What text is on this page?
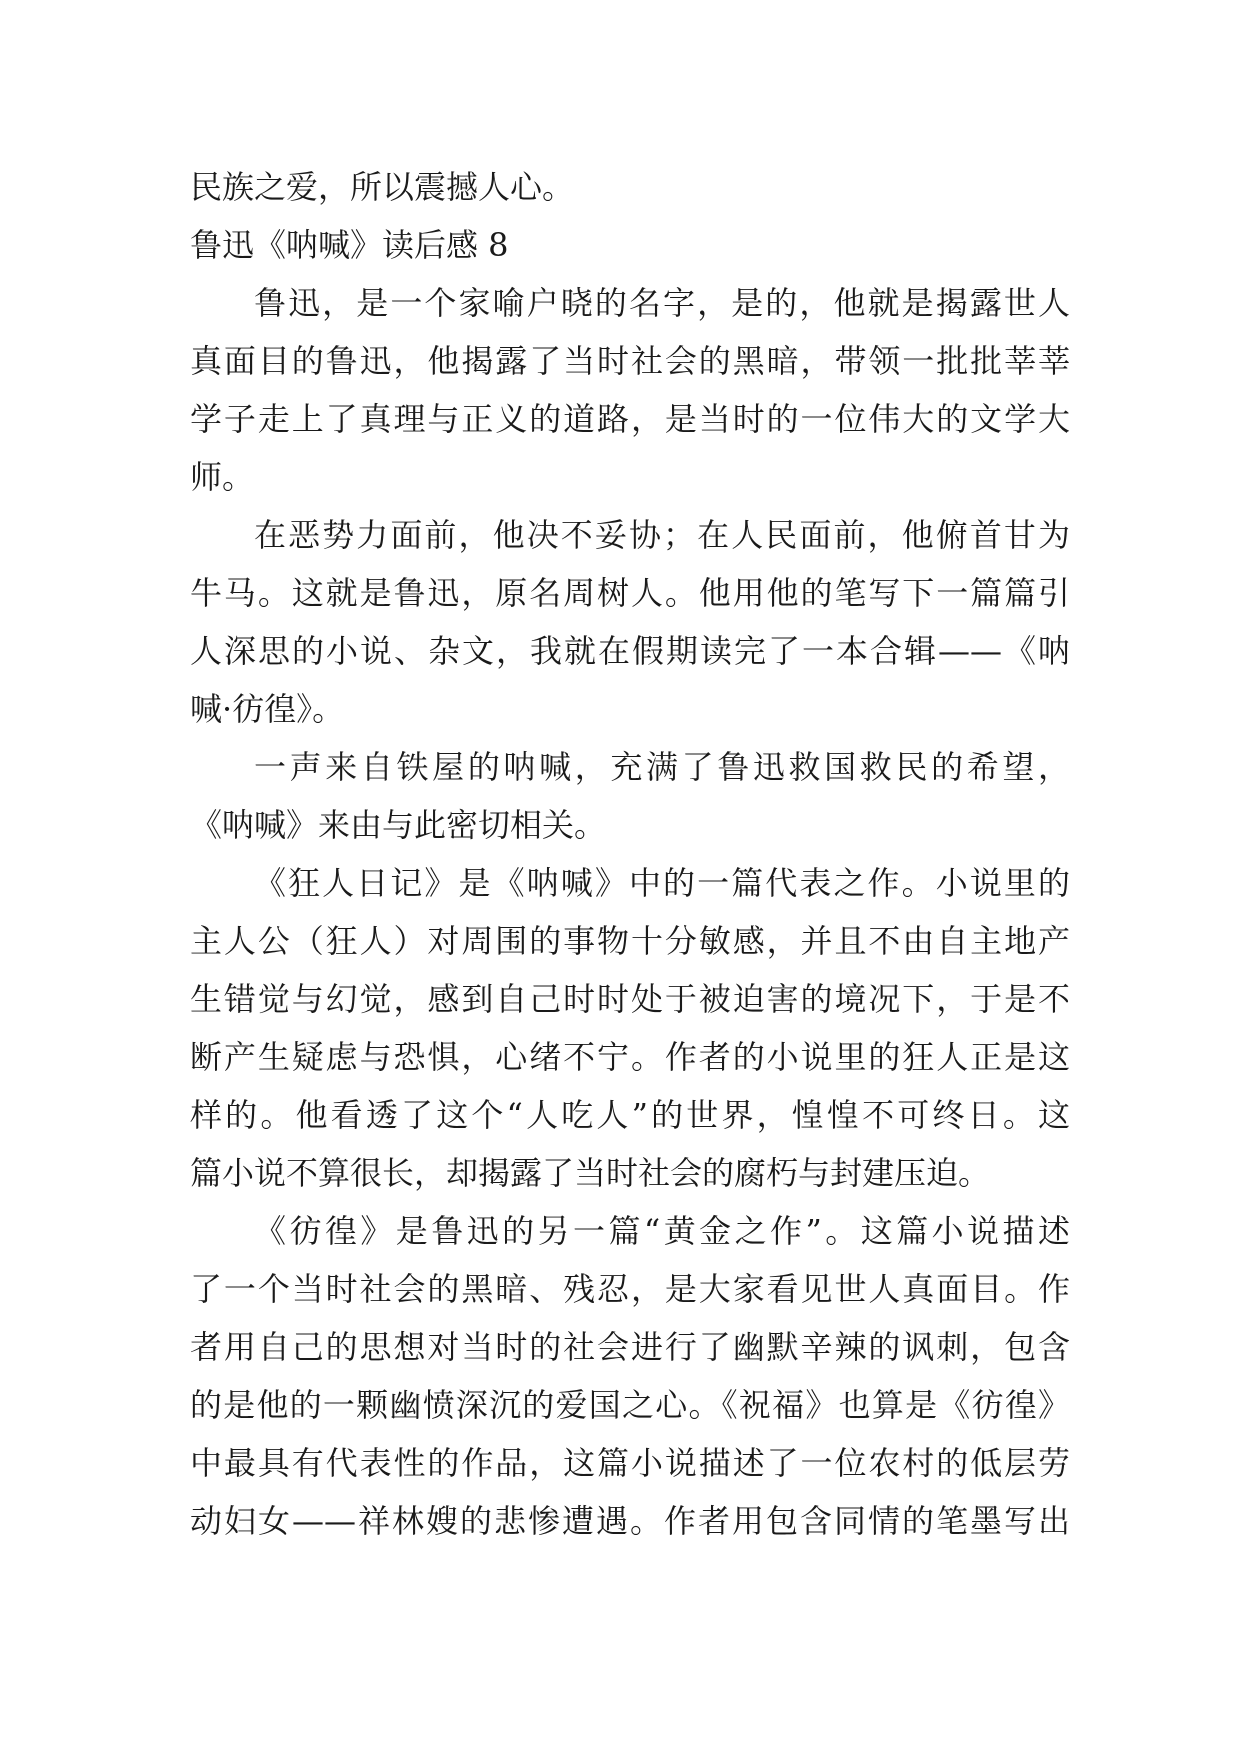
民族之爱，所以震撼人心。
鲁迅《呐喊》读后感 8
鲁迅，是一个家喻户晓的名字，是的，他就是揭露世人
真面目的鲁迅，他揭露了当时社会的黑暗，带领一批批莘莘
学子走上了真理与正义的道路，是当时的一位伟大的文学大
师。
在恶势力面前，他决不妥协；在人民面前，他俯首甘为
牛马。这就是鲁迅，原名周树人。他用他的笔写下一篇篇引
人深思的小说、杂文，我就在假期读完了一本合辑——《呐
喊·彷徨》。
一声来自铁屋的呐喊，充满了鲁迅救国救民的希望，
《呐喊》来由与此密切相关。
《狂人日记》是《呐喊》中的一篇代表之作。小说里的
主人公（狂人）对周围的事物十分敏感，并且不由自主地产
生错觉与幻觉，感到自己时时处于被迫害的境况下，于是不
断产生疑虑与恐惧，心绪不宁。作者的小说里的狂人正是这
样的。他看透了这个“人吃人”的世界，惶惶不可终日。这
篇小说不算很长，却揭露了当时社会的腐朽与封建压迫。
《彷徨》是鲁迅的另一篇“黄金之作”。这篇小说描述
了一个当时社会的黑暗、残忍，是大家看见世人真面目。作
者用自己的思想对当时的社会进行了幽默辛辣的讽刺，包含
的是他的一颗幽愤深沉的爱国之心。《祝福》也算是《彷徨》
中最具有代表性的作品，这篇小说描述了一位农村的低层劳
动妇女——祥林嫂的悲惨遭遇。作者用包含同情的笔墨写出
